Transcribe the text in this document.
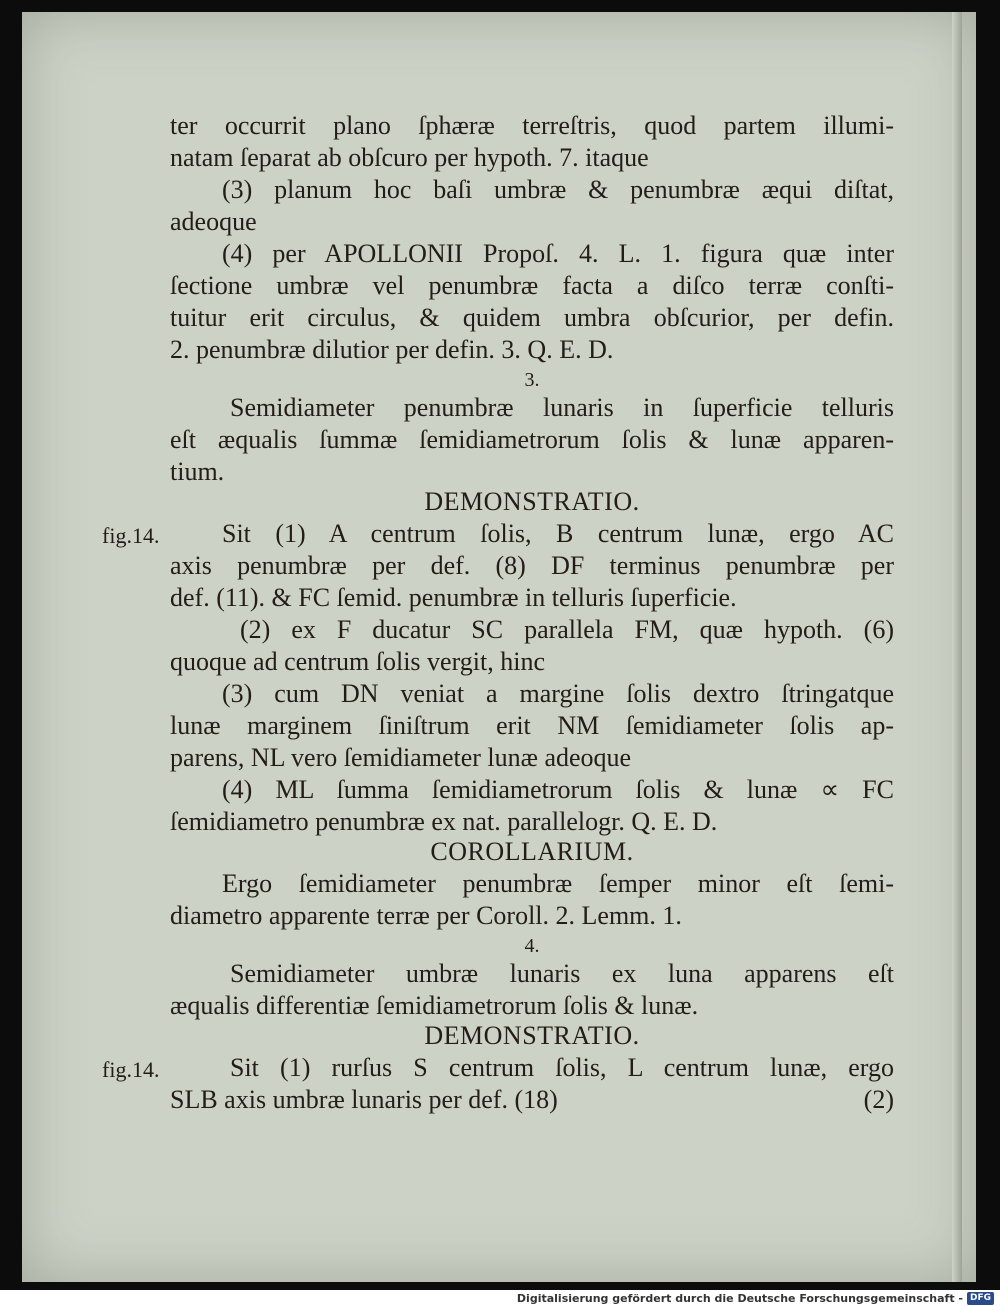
ter occurrit plano ſphæræ terreſtris, quod partem illumi-
natam ſeparat ab obſcuro per hypoth. 7. itaque
(3) planum hoc baſi umbræ & penumbræ æqui diſtat,
adeoque
(4) per APOLLONII Propoſ. 4. L. 1. figura quæ inter
ſectione umbræ vel penumbræ facta a diſco terræ conſti-
tuitur erit circulus, & quidem umbra obſcurior, per defin.
2. penumbræ dilutior per defin. 3. Q. E. D.
3.
Semidiameter penumbræ lunaris in ſuperficie telluris
eſt æqualis ſummæ ſemidiametrorum ſolis & lunæ apparen-
tium.
DEMONSTRATIO.
fig.14. Sit (1) A centrum ſolis, B centrum lunæ, ergo AC
axis penumbræ per def. (8) DF terminus penumbræ per
def. (11). & FC ſemid. penumbræ in telluris ſuperficie.
(2) ex F ducatur SC parallela FM, quæ hypoth. (6)
quoque ad centrum ſolis vergit, hinc
(3) cum DN veniat a margine ſolis dextro ſtringatque
lunæ marginem ſiniſtrum erit NM ſemidiameter ſolis ap-
parens, NL vero ſemidiameter lunæ adeoque
(4) ML ſumma ſemidiametrorum ſolis & lunæ ∝ FC
ſemidiametro penumbræ ex nat. parallelogr. Q. E. D.
COROLLARIUM.
Ergo ſemidiameter penumbræ ſemper minor eſt ſemi-
diametro apparente terræ per Coroll. 2. Lemm. 1.
4.
Semidiameter umbræ lunaris ex luna apparens eſt
æqualis differentiæ ſemidiametrorum ſolis & lunæ.
DEMONSTRATIO.
fig.14.	Sit (1) rurſus S centrum ſolis, L centrum lunæ, ergo
SLB axis umbræ lunaris per def. (18)	(2)
Digitalisierung gefördert durch die Deutsche Forschungsgemeinschaft - DFG
